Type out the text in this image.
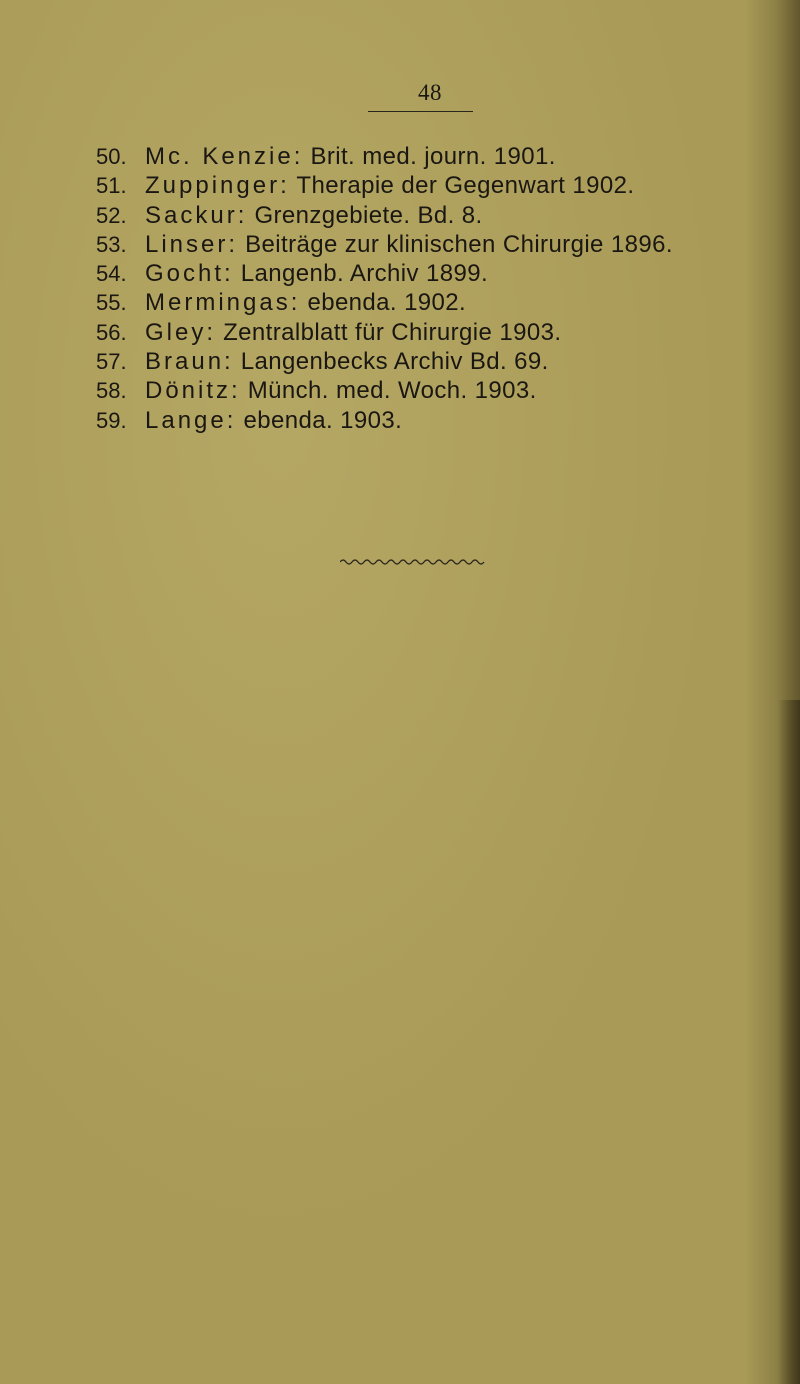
48
50. Mc. Kenzie: Brit. med. journ. 1901.
51. Zuppinger: Therapie der Gegenwart 1902.
52. Sackur: Grenzgebiete. Bd. 8.
53. Linser: Beiträge zur klinischen Chirurgie 1896.
54. Gocht: Langenb. Archiv 1899.
55. Mermingas: ebenda. 1902.
56. Gley: Zentralblatt für Chirurgie 1903.
57. Braun: Langenbecks Archiv Bd. 69.
58. Dönitz: Münch. med. Woch. 1903.
59. Lange: ebenda. 1903.
